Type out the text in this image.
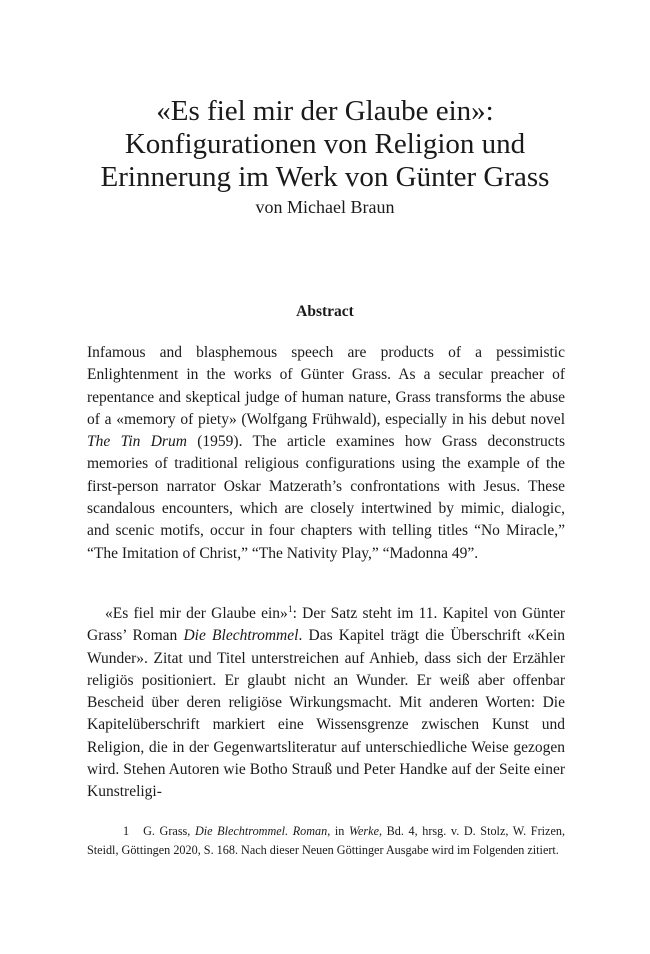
«Es fiel mir der Glaube ein»:
Konfigurationen von Religion und
Erinnerung im Werk von Günter Grass
von Michael Braun
Abstract

Infamous and blasphemous speech are products of a pessimistic Enlightenment in the works of Günter Grass. As a secular preacher of repentance and skeptical judge of human nature, Grass transforms the abuse of a «memory of piety» (Wolfgang Frühwald), especially in his debut novel The Tin Drum (1959). The article examines how Grass deconstructs memories of traditional religious configurations using the example of the first-person narrator Oskar Matzerath’s confrontations with Jesus. These scandalous encounters, which are closely intertwined by mimic, dialogic, and scenic motifs, occur in four chapters with telling titles “No Miracle,” “The Imitation of Christ,” “The Nativity Play,” “Madonna 49”.

«Es fiel mir der Glaube ein»$^1$: Der Satz steht im 11. Kapitel von Günter Grass’ Roman Die Blechtrommel. Das Kapitel trägt die Überschrift «Kein Wunder». Zitat und Titel unterstreichen auf Anhieb, dass sich der Erzähler religiös positioniert. Er glaubt nicht an Wunder. Er weiß aber offenbar Bescheid über deren religiöse Wirkungsmacht. Mit anderen Worten: Die Kapitelüberschrift markiert eine Wissensgrenze zwischen Kunst und Religion, die in der Gegenwartsliteratur auf unterschiedliche Weise gezogen wird. Stehen Autoren wie Botho Strauß und Peter Handke auf der Seite einer Kunstreligi-

1 G. Grass, Die Blechtrommel. Roman, in Werke, Bd. 4, hrsg. v. D. Stolz, W. Frizen, Steidl, Göttingen 2020, S. 168. Nach dieser Neuen Göttinger Ausgabe wird im Folgenden zitiert.
